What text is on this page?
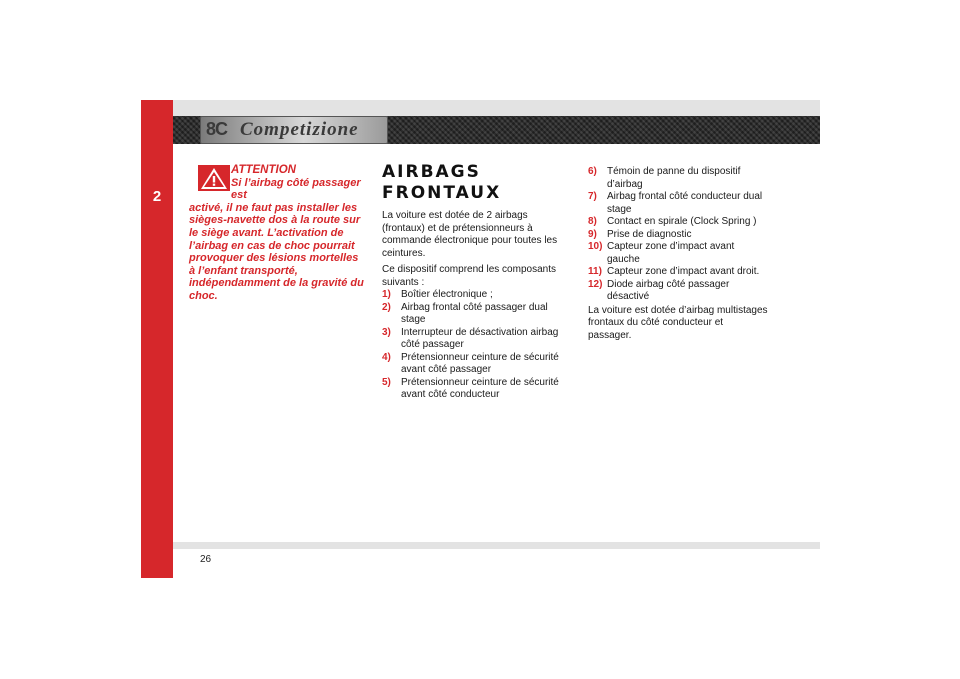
2
8C Competizione
ATTENTION
Si l’airbag côté passager est
activé, il ne faut pas installer les sièges-navette dos à la route sur le siège avant. L’activation de l’airbag en cas de choc pourrait provoquer des lésions mortelles à l’enfant transporté, indépendamment de la gravité du choc.
AIRBAGS FRONTAUX

La voiture est dotée de 2 airbags (frontaux) et de prétensionneurs à commande électronique pour toutes les ceintures.

Ce dispositif comprend les composants suivants :

1) Boîtier électronique ;
2) Airbag frontal côté passager dual stage
3) Interrupteur de désactivation airbag côté passager
4) Prétensionneur ceinture de sécurité avant côté passager
5) Prétensionneur ceinture de sécurité avant côté conducteur
6) Témoin de panne du dispositif d’airbag
7) Airbag frontal côté conducteur dual stage
8) Contact en spirale (Clock Spring )
9) Prise de diagnostic
10) Capteur zone d’impact avant gauche
11) Capteur zone d’impact avant droit.
12) Diode airbag côté passager désactivé

La voiture est dotée d’airbag multistages frontaux du côté conducteur et passager.

26
